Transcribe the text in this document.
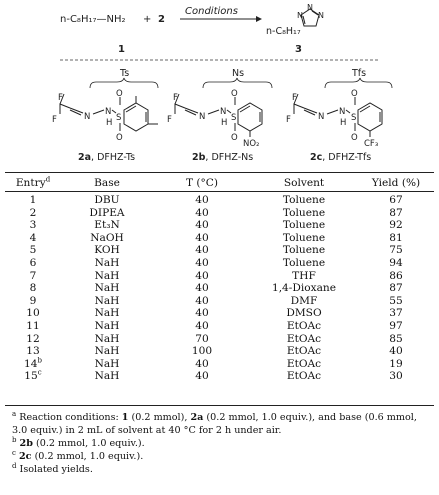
n-C₈H₁₇—NH₂ + 2
Conditions
n-C₈H₁₇
N
N
N
1	3
Ts
F
F	N N
H S
O
O
Ns
F
F	N N
H S
O
O
NO₂
Tfs
F
F	N N
H S
O
O
CF₃
2a, DFHZ-Ts	2b, DFHZ-Ns	2c, DFHZ-Tfs
Entry$^d$	Base	T (°C)	Solvent	Yield (%)

1	DBU	40	Toluene	67
2	DIPEA	40	Toluene	87
3	Et₃N	40	Toluene	92
4	NaOH	40	Toluene	81
5	KOH	40	Toluene	75
6	NaH	40	Toluene	94
7	NaH	40	THF	86
8	NaH	40	1,4-Dioxane	87
9	NaH	40	DMF	55
10	NaH	40	DMSO	37
11	NaH	40	EtOAc	97
12	NaH	70	EtOAc	85
13	NaH	100	EtOAc	40
14$^b$	NaH	40	EtOAc	19
15$^c$	NaH	40	EtOAc	30

$^a$ Reaction conditions: 1 (0.2 mmol), 2a (0.2 mmol, 1.0 equiv.), and base (0.6 mmol, 3.0 equiv.) in 2 mL of solvent at 40 °C for 2 h under air.

$^b$ 2b (0.2 mmol, 1.0 equiv.).

$^c$ 2c (0.2 mmol, 1.0 equiv.).

$^d$ Isolated yields.
